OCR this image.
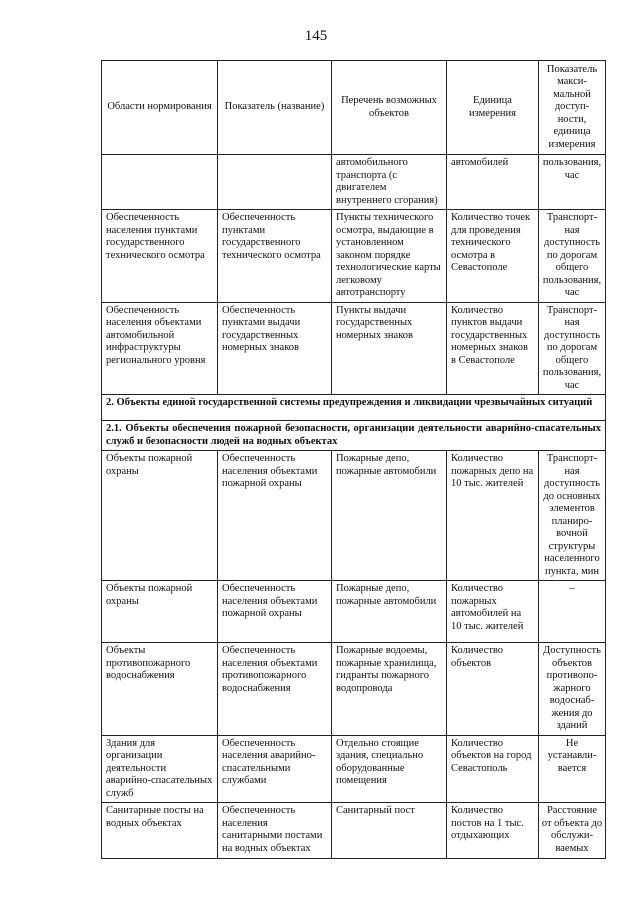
145
Области нормирования	Показатель (название)	Перечень возможных объектов	Единица измерения	Показатель макси-мальной доступ-ности, единица измерения
		автомобильного транспорта (с двигателем внутреннего сгорания)	автомобилей	пользования, час
Обеспеченность населения пунктами государственного технического осмотра	Обеспеченность пунктами государственного технического осмотра	Пункты технического осмотра, выдающие в установленном законом порядке технологические карты легковому автотранспорту	Количество точек для проведения технического осмотра в Севастополе	Транспорт-ная доступность по дорогам общего пользования, час
Обеспеченность населения объектами автомобильной инфраструктуры регионального уровня	Обеспеченность пунктами выдачи государственных номерных знаков	Пункты выдачи государственных номерных знаков	Количество пунктов выдачи государственных номерных знаков в Севастополе	Транспорт-ная доступность по дорогам общего пользования, час
2. Объекты единой государственной системы предупреждения и ликвидации чрезвычайных ситуаций				
2.1. Объекты обеспечения пожарной безопасности, организации деятельности аварийно-спасательных служб и безопасности людей на водных объектах				
Объекты пожарной охраны	Обеспеченность населения объектами пожарной охраны	Пожарные депо, пожарные автомобили	Количество пожарных депо на 10 тыс. жителей	Транспорт-ная доступность до основных элементов планиро-вочной структуры населенного пункта, мин
Объекты пожарной охраны	Обеспеченность населения объектами пожарной охраны	Пожарные депо, пожарные автомобили	Количество пожарных автомобилей на 10 тыс. жителей	–
Объекты противопожарного водоснабжения	Обеспеченность населения объектами противопожарного водоснабжения	Пожарные водоемы, пожарные хранилища, гидранты пожарного водопровода	Количество объектов	Доступность объектов противопо-жарного водоснаб-жения до зданий
Здания для организации деятельности аварийно-спасательных служб	Обеспеченность населения аварийно-спасательными службами	Отдельно стоящие здания, специально оборудованные помещения	Количество объектов на город Севастополь	Не устанавли-вается
Санитарные посты на водных объектах	Обеспеченность населения санитарными постами на водных объектах	Санитарный пост	Количество постов на 1 тыс. отдыхающих	Расстояние от объекта до обслужи-ваемых
